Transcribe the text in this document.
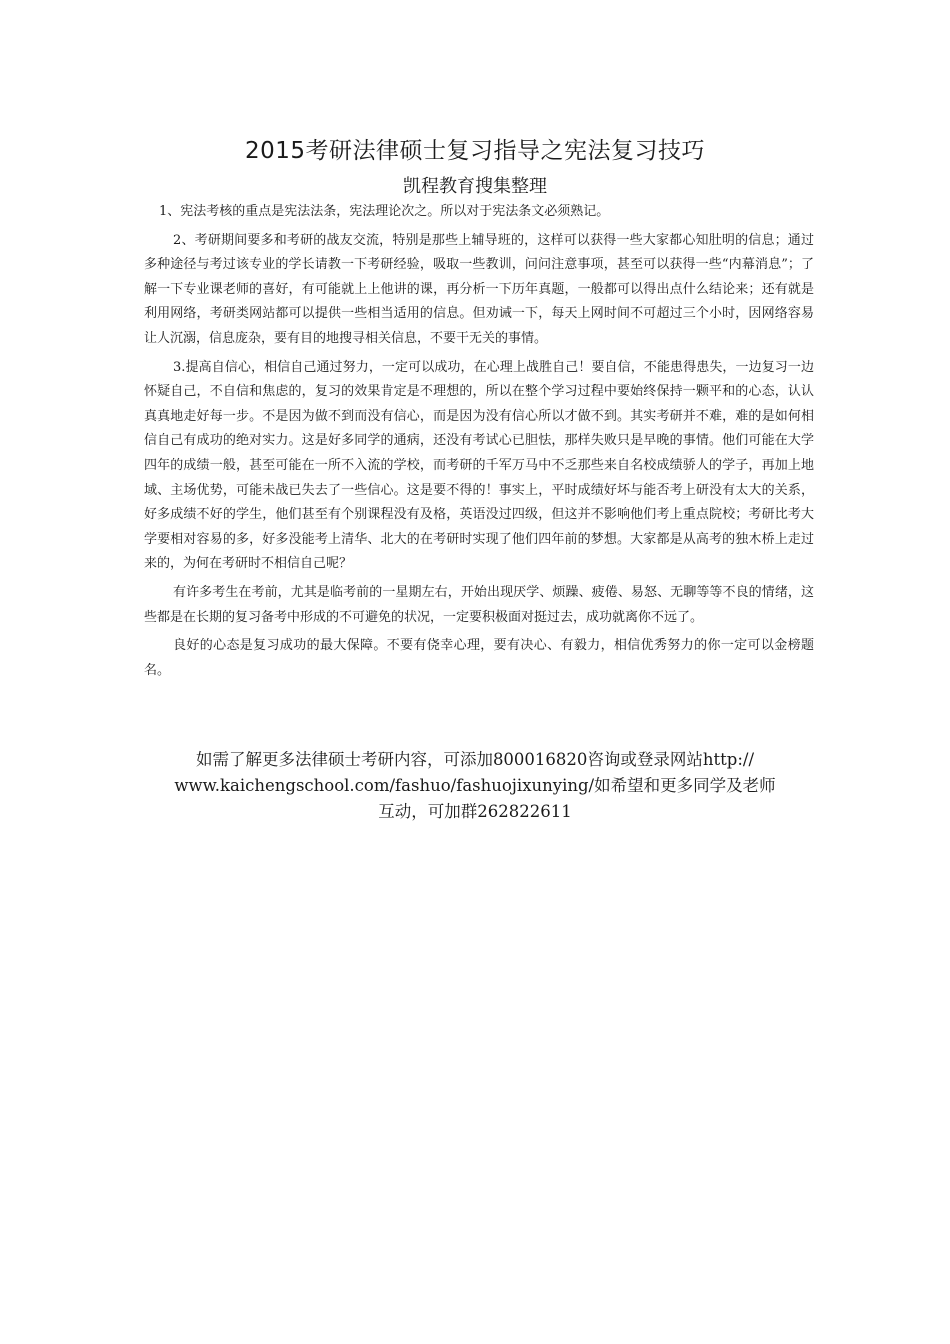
2015考研法律硕士复习指导之宪法复习技巧
凯程教育搜集整理

1、宪法考核的重点是宪法法条，宪法理论次之。所以对于宪法条文必须熟记。

2、考研期间要多和考研的战友交流，特别是那些上辅导班的，这样可以获得一些大家都心知肚明的信息；通过多种途径与考过该专业的学长请教一下考研经验，吸取一些教训，问问注意事项，甚至可以获得一些“内幕消息”；了解一下专业课老师的喜好，有可能就上上他讲的课，再分析一下历年真题，一般都可以得出点什么结论来；还有就是利用网络，考研类网站都可以提供一些相当适用的信息。但劝诫一下，每天上网时间不可超过三个小时，因网络容易让人沉溺，信息庞杂，要有目的地搜寻相关信息，不要干无关的事情。

3.提高自信心，相信自己通过努力，一定可以成功，在心理上战胜自己！要自信，不能患得患失，一边复习一边怀疑自己，不自信和焦虑的，复习的效果肯定是不理想的，所以在整个学习过程中要始终保持一颗平和的心态，认认真真地走好每一步。不是因为做不到而没有信心，而是因为没有信心所以才做不到。其实考研并不难，难的是如何相信自己有成功的绝对实力。这是好多同学的通病，还没有考试心已胆怯，那样失败只是早晚的事情。他们可能在大学四年的成绩一般，甚至可能在一所不入流的学校，而考研的千军万马中不乏那些来自名校成绩骄人的学子，再加上地域、主场优势，可能未战已失去了一些信心。这是要不得的！事实上，平时成绩好坏与能否考上研没有太大的关系，好多成绩不好的学生，他们甚至有个别课程没有及格，英语没过四级，但这并不影响他们考上重点院校；考研比考大学要相对容易的多，好多没能考上清华、北大的在考研时实现了他们四年前的梦想。大家都是从高考的独木桥上走过来的，为何在考研时不相信自己呢？

有许多考生在考前，尤其是临考前的一星期左右，开始出现厌学、烦躁、疲倦、易怒、无聊等等不良的情绪，这些都是在长期的复习备考中形成的不可避免的状况，一定要积极面对挺过去，成功就离你不远了。

良好的心态是复习成功的最大保障。不要有侥幸心理，要有决心、有毅力，相信优秀努力的你一定可以金榜题名。

如需了解更多法律硕士考研内容，可添加800016820咨询或登录网站http://
www.kaichengschool.com/fashuo/fashuojixunying/如希望和更多同学及老师
互动，可加群262822611
